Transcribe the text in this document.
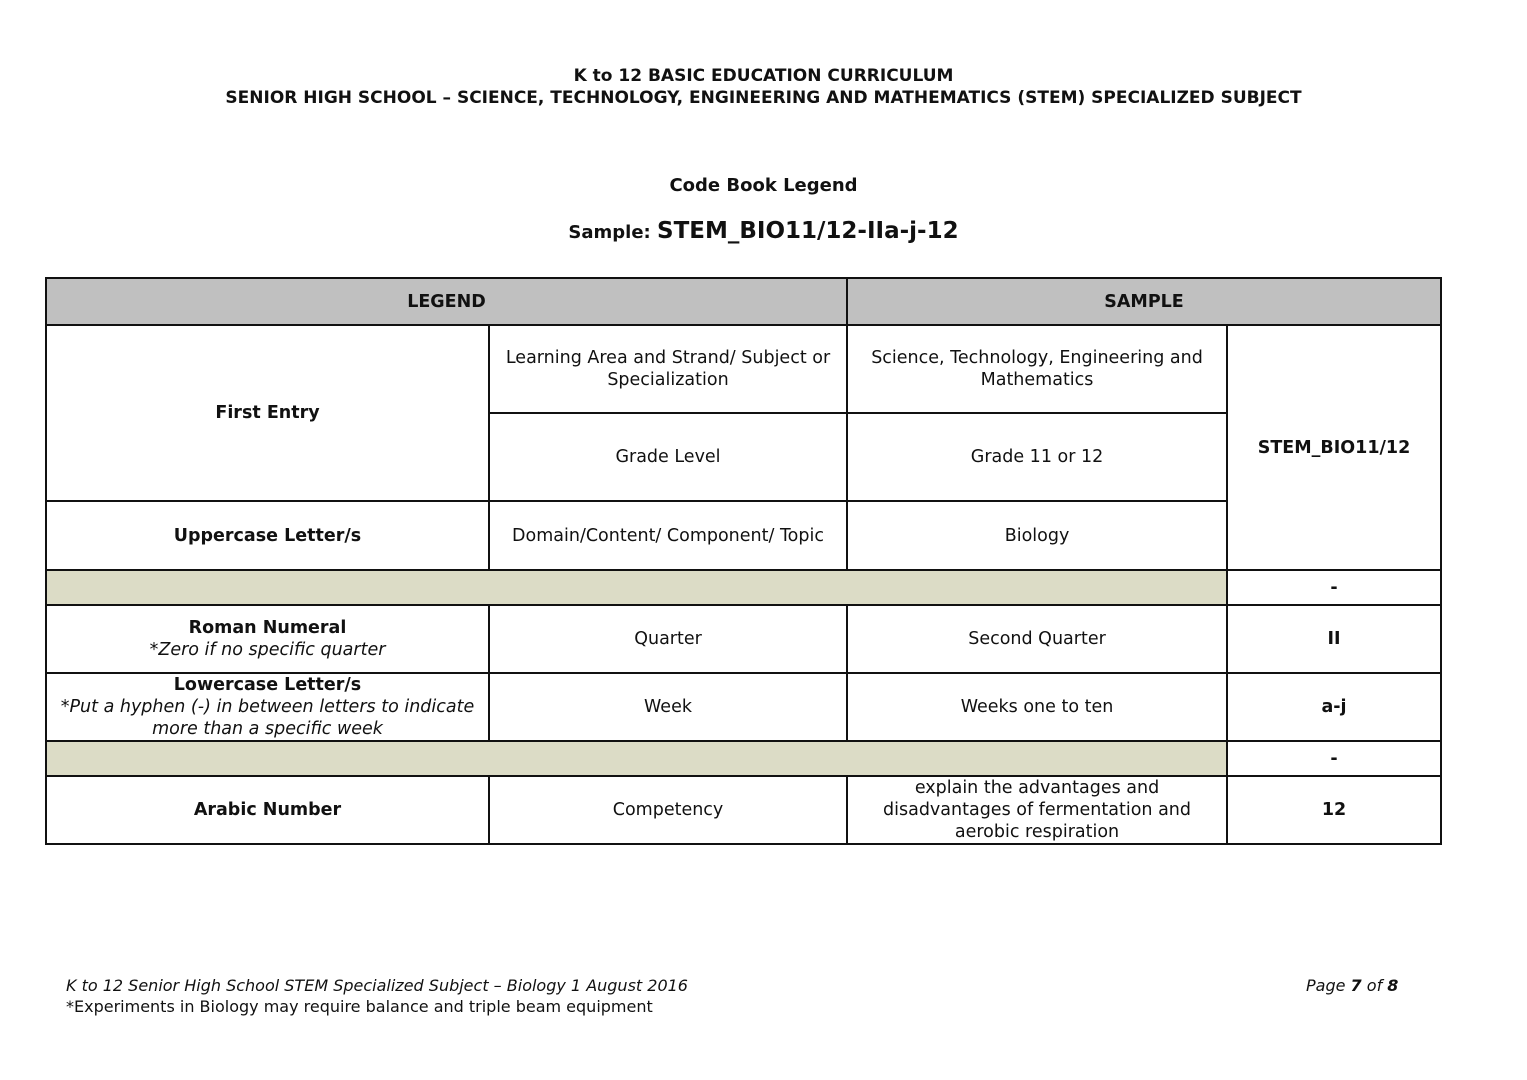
K to 12 BASIC EDUCATION CURRICULUM
SENIOR HIGH SCHOOL – SCIENCE, TECHNOLOGY, ENGINEERING AND MATHEMATICS (STEM) SPECIALIZED SUBJECT
Code Book Legend
Sample: STEM_BIO11/12-IIa-j-12
LEGEND		SAMPLE	
First Entry	Learning Area and Strand/ Subject or Specialization	Science, Technology, Engineering and Mathematics	STEM_BIO11/12
	Grade Level	Grade 11 or 12	
Uppercase Letter/s	Domain/Content/ Component/ Topic	Biology	
			-

Roman Numeral
*Zero if no specific quarter	Quarter	Second Quarter	II

Lowercase Letter/s
*Put a hyphen (-) in between letters to indicate more than a specific week	Week	Weeks one to ten	a-j
			-
Arabic Number	Competency	explain the advantages and disadvantages of fermentation and aerobic respiration	12
K to 12 Senior High School STEM Specialized Subject – Biology 1 August 2016
*Experiments in Biology may require balance and triple beam equipment
Page 7 of 8
